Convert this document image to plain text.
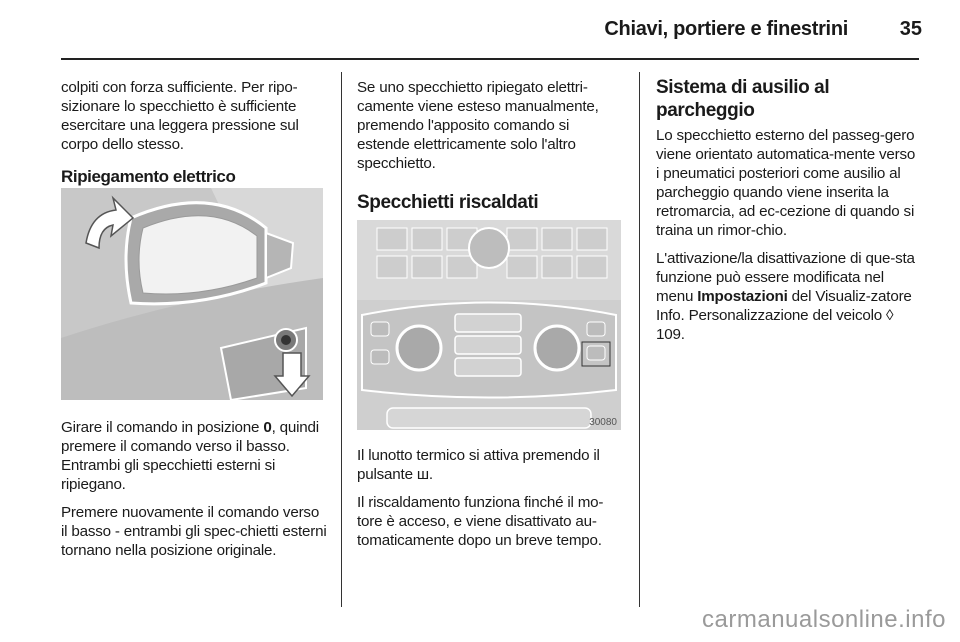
Chiavi, portiere e finestrini	35

colpiti con forza sufficiente. Per ripo-sizionare lo specchietto è sufficiente esercitare una leggera pressione sul corpo dello stesso.

Ripiegamento elettrico

Girare il comando in posizione 0, quindi premere il comando verso il basso. Entrambi gli specchietti esterni si ripiegano.

Premere nuovamente il comando verso il basso - entrambi gli spec-chietti esterni tornano nella posizione originale.

Se uno specchietto ripiegato elettri-camente viene esteso manualmente, premendo l'apposito comando si estende elettricamente solo l'altro specchietto.

Specchietti riscaldati
30080

Il lunotto termico si attiva premendo il pulsante ш.

Il riscaldamento funziona finché il mo-tore è acceso, e viene disattivato au-tomaticamente dopo un breve tempo.

Sistema di ausilio al parcheggio

Lo specchietto esterno del passeg-gero viene orientato automatica-mente verso i pneumatici posteriori come ausilio al parcheggio quando viene inserita la retromarcia, ad ec-cezione di quando si traina un rimor-chio.

L'attivazione/la disattivazione di que-sta funzione può essere modificata nel menu Impostazioni del Visualiz-zatore Info. Personalizzazione del veicolo ◊ 109.

carmanualsonline.info
